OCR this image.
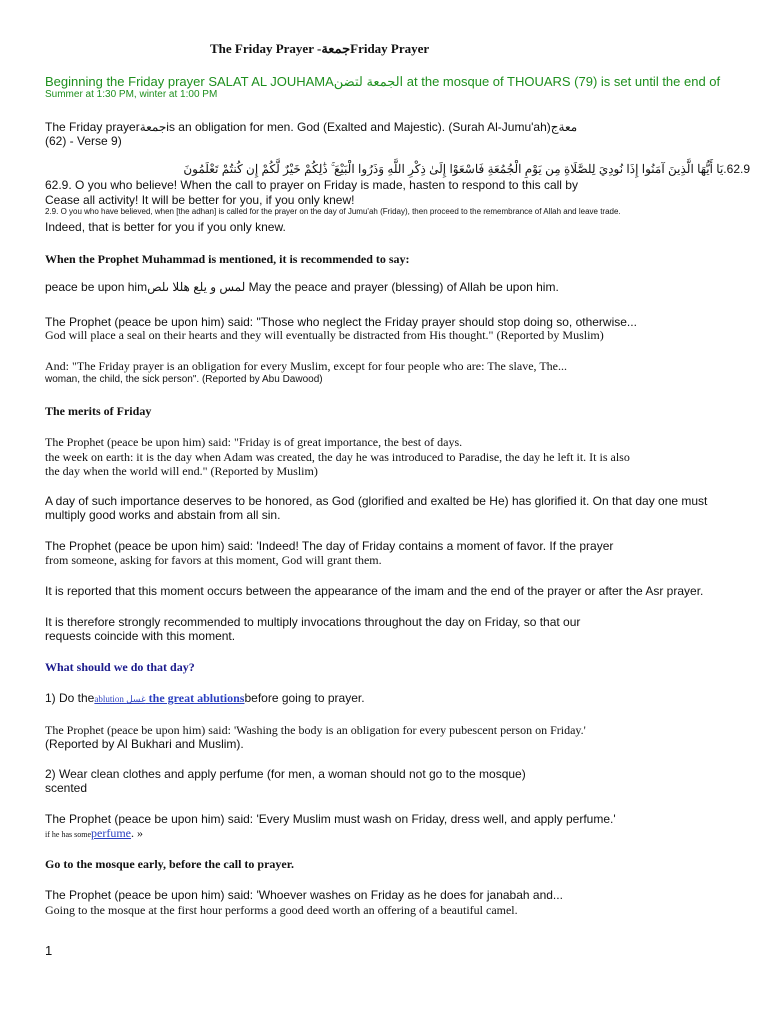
The Friday Prayer -جمعةFriday Prayer
Beginning the Friday prayer SALAT AL JOUHAMAالجمعة لتضن at the mosque of THOUARS (79) is set until the end of
Summer at 1:30 PM, winter at 1:00 PM
The Friday prayerجمعةis an obligation for men. God (Exalted and Majestic). (Surah Al-Jumu'ah)معةج
(62) - Verse 9)
62.9.يَا أَيُّهَا الَّذِينَ آمَنُوا إِذَا نُودِيَ لِلصَّلَاةِ مِن يَوْمِ الْجُمُعَةِ فَاسْعَوْا إِلَىٰ ذِكْرِ اللَّهِ وَذَرُوا الْبَيْعَ ۚ ذَٰلِكُمْ خَيْرٌ لَّكُمْ إِن كُنتُمْ تَعْلَمُونَ
62.9. O you who believe! When the call to prayer on Friday is made, hasten to respond to this call by
Cease all activity! It will be better for you, if you only knew!
2.9. O you who have believed, when [the adhan] is called for the prayer on the day of Jumu'ah (Friday), then proceed to the remembrance of Allah and leave trade.
Indeed, that is better for you if you only knew.
When the Prophet Muhammad is mentioned, it is recommended to say:
peace be upon himلمس و يلع هللا ىلص May the peace and prayer (blessing) of Allah be upon him.
The Prophet (peace be upon him) said: "Those who neglect the Friday prayer should stop doing so, otherwise...
God will place a seal on their hearts and they will eventually be distracted from His thought." (Reported by Muslim)
And: "The Friday prayer is an obligation for every Muslim, except for four people who are: The slave, The...
woman, the child, the sick person". (Reported by Abu Dawood)
The merits of Friday
The Prophet (peace be upon him) said: "Friday is of great importance, the best of days.
the week on earth: it is the day when Adam was created, the day he was introduced to Paradise, the day he left it. It is also
the day when the world will end." (Reported by Muslim)
A day of such importance deserves to be honored, as God (glorified and exalted be He) has glorified it. On that day one must
multiply good works and abstain from all sin.
The Prophet (peace be upon him) said: 'Indeed! The day of Friday contains a moment of favor. If the prayer
from someone, asking for favors at this moment, God will grant them.
It is reported that this moment occurs between the appearance of the imam and the end of the prayer or after the Asr prayer.
It is therefore strongly recommended to multiply invocations throughout the day on Friday, so that our
requests coincide with this moment.
What should we do that day?
1) Do theablution غسل the great ablutionsbefore going to prayer.
The Prophet (peace be upon him) said: 'Washing the body is an obligation for every pubescent person on Friday.'
(Reported by Al Bukhari and Muslim).
2) Wear clean clothes and apply perfume (for men, a woman should not go to the mosque)
scented
The Prophet (peace be upon him) said: 'Every Muslim must wash on Friday, dress well, and apply perfume.'
if he has someperfume. »
Go to the mosque early, before the call to prayer.
The Prophet (peace be upon him) said: 'Whoever washes on Friday as he does for janabah and...
Going to the mosque at the first hour performs a good deed worth an offering of a beautiful camel.
1
